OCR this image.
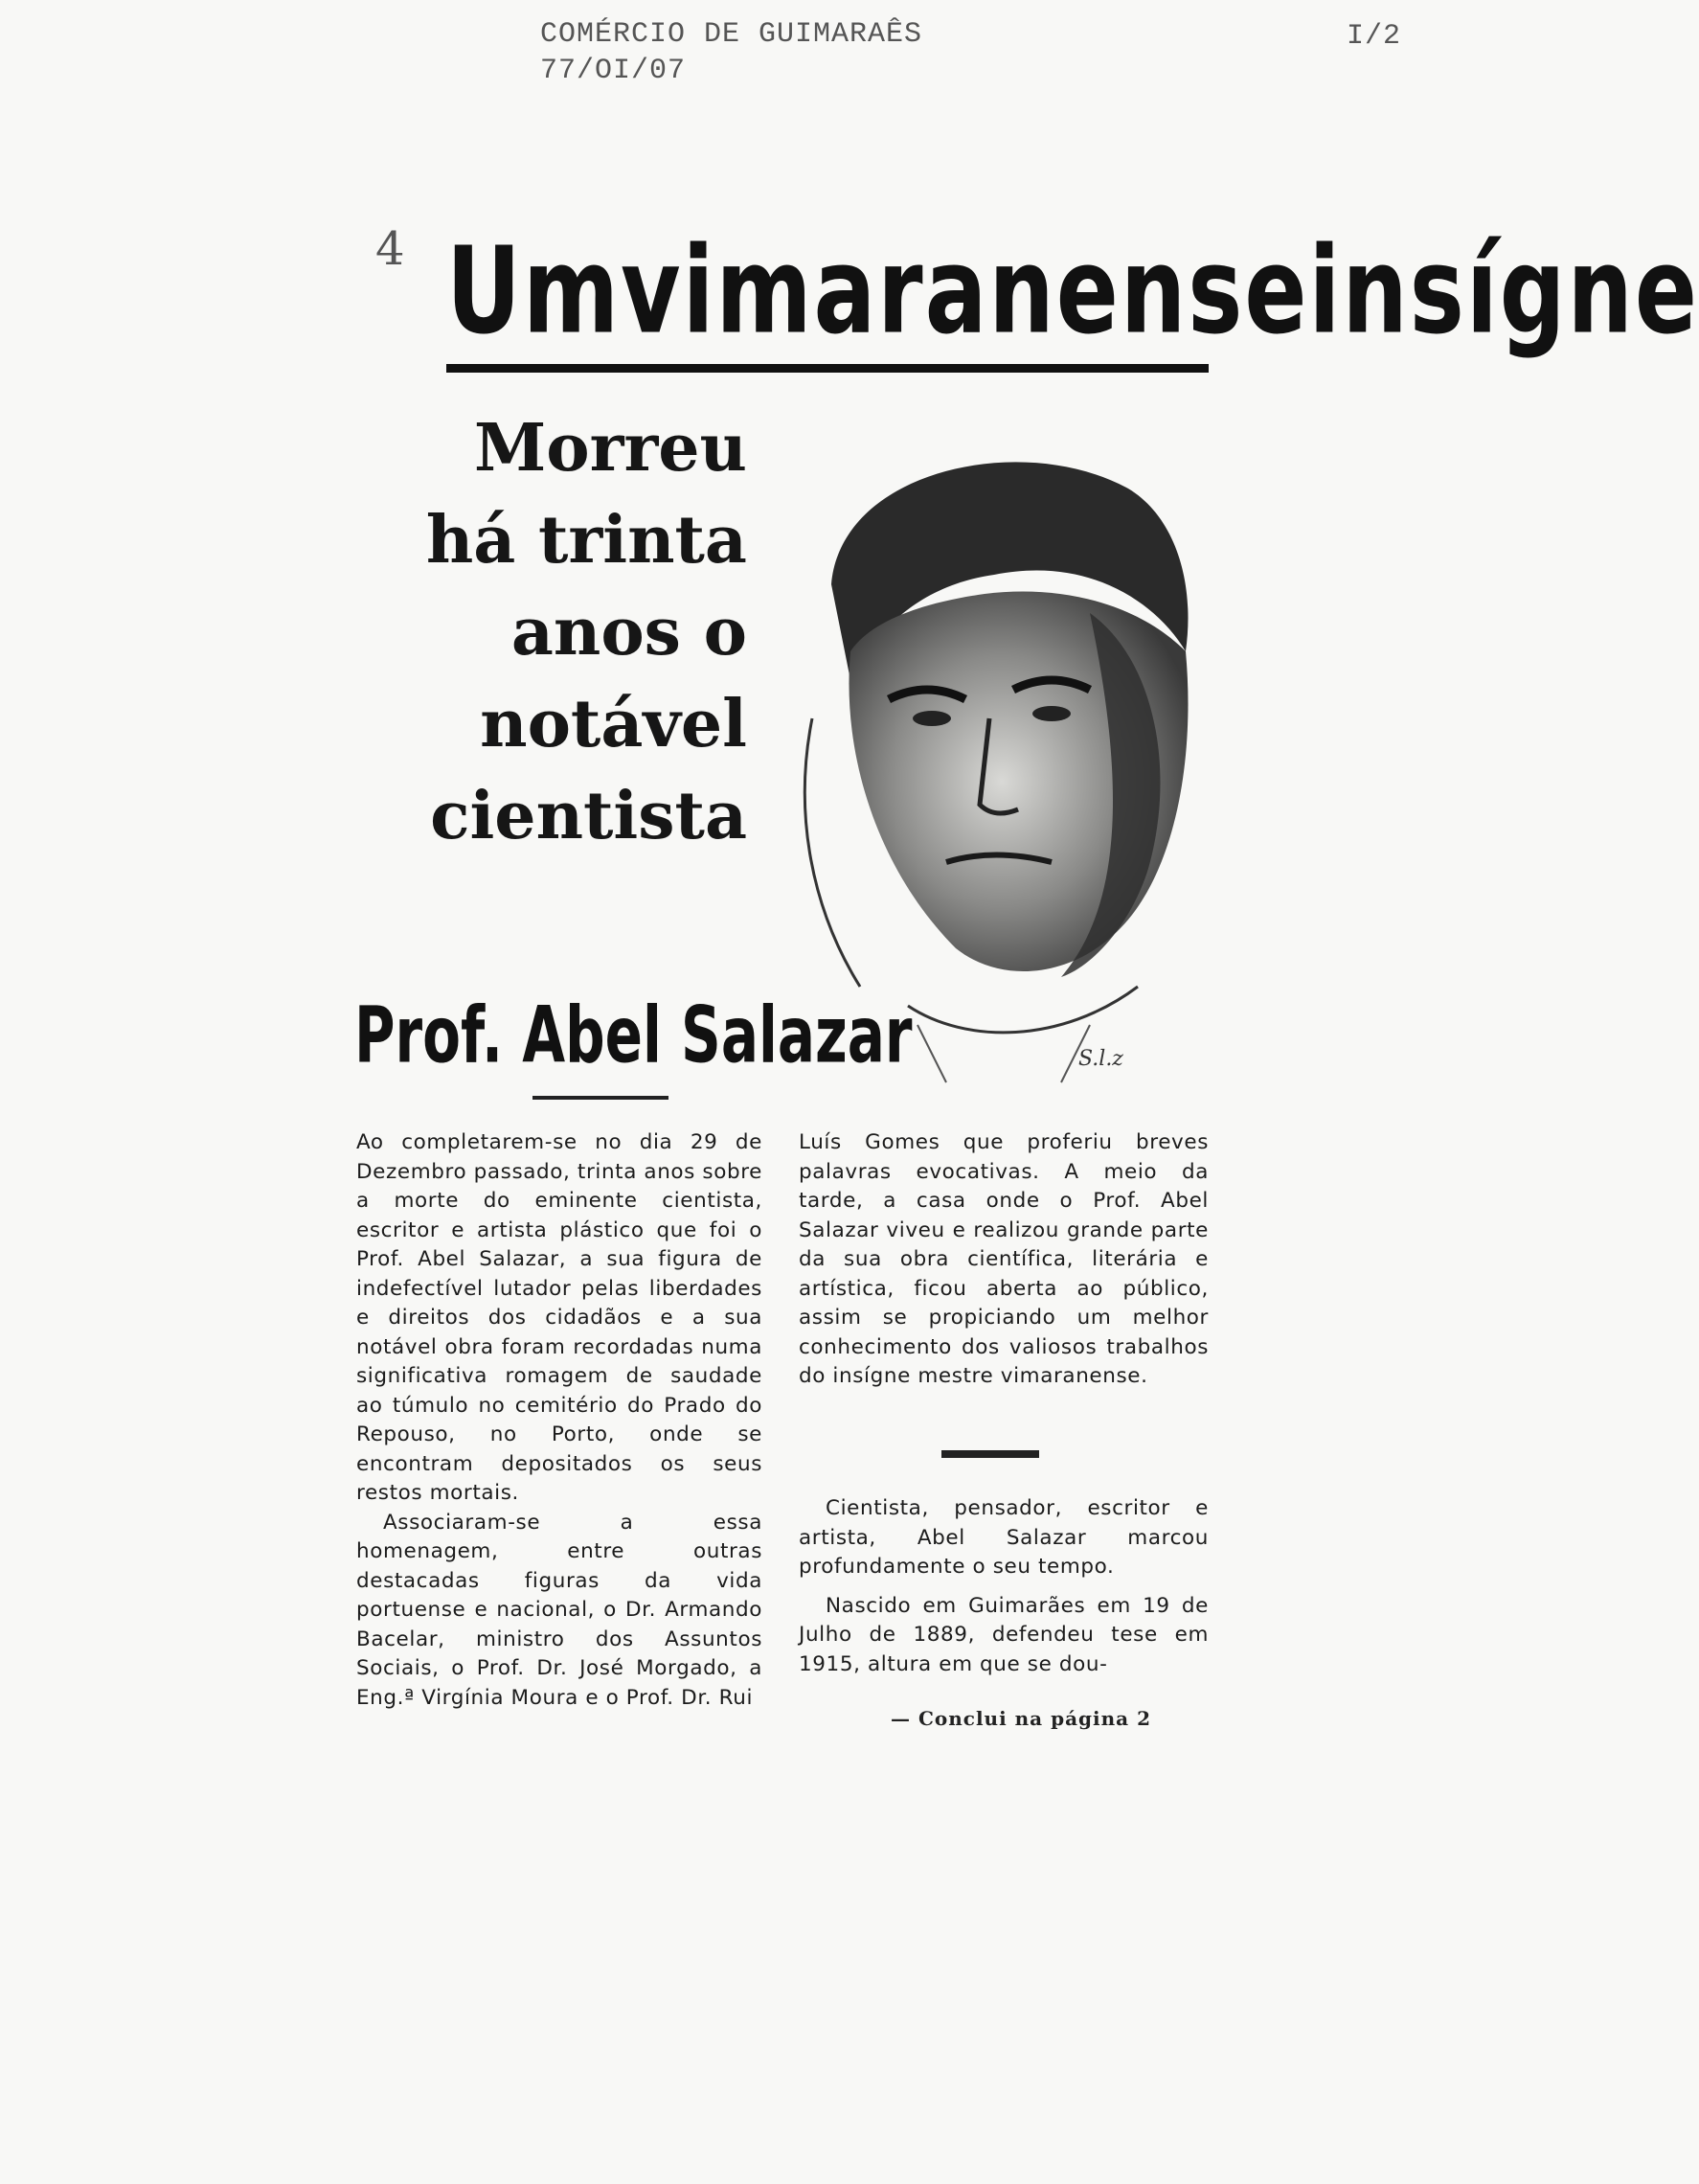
COMÉRCIO DE GUIMARAÊS
77/OI/07
I/2
4 Um vimaranense insígne
Morreu
há trinta
anos o
notável
cientista
Prof. Abel Salazar	S.l.z

Ao completarem-se no dia 29 de Dezembro passado, trinta anos sobre a morte do eminente cientista, escritor e artista plástico que foi o Prof. Abel Salazar, a sua figura de indefectível lutador pelas liberdades e direitos dos cidadãos e a sua notável obra foram recordadas numa significativa romagem de saudade ao túmulo no cemitério do Prado do Repouso, no Porto, onde se encontram depositados os seus restos mortais.

Associaram-se a essa homenagem, entre outras destacadas figuras da vida portuense e nacional, o Dr. Armando Bacelar, ministro dos Assuntos Sociais, o Prof. Dr. José Morgado, a Eng.ª Virgínia Moura e o Prof. Dr. Rui

Luís Gomes que proferiu breves palavras evocativas. A meio da tarde, a casa onde o Prof. Abel Salazar viveu e realizou grande parte da sua obra científica, literária e artística, ficou aberta ao público, assim se propiciando um melhor conhecimento dos valiosos trabalhos do insígne mestre vimaranense.

Cientista, pensador, escritor e artista, Abel Salazar marcou profundamente o seu tempo.

Nascido em Guimarães em 19 de Julho de 1889, defendeu tese em 1915, altura em que se dou-

— Conclui na página 2
